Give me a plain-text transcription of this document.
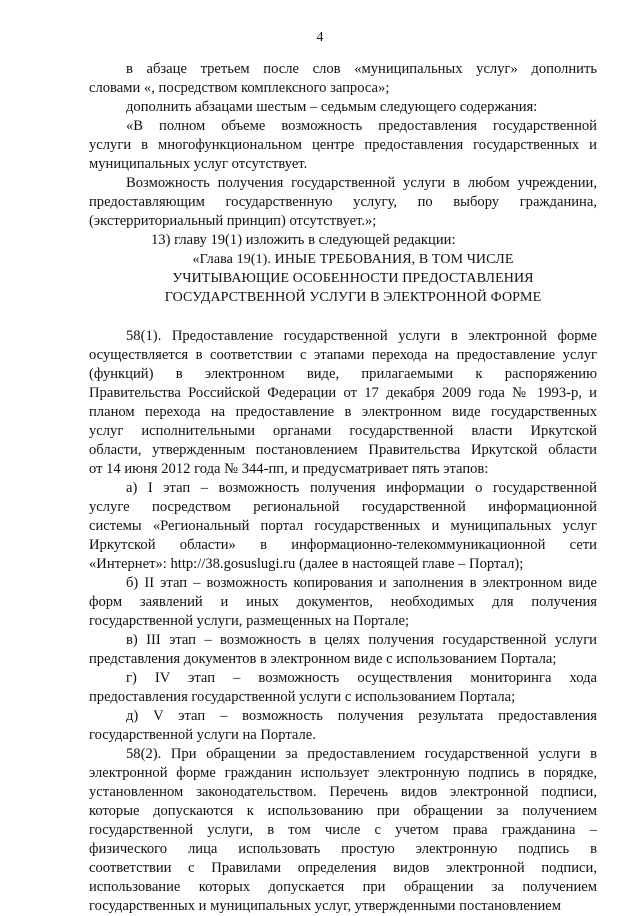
4
в абзаце третьем после слов «муниципальных услуг» дополнить
словами «, посредством комплексного запроса»;
дополнить абзацами шестым – седьмым следующего содержания:
«В полном объеме возможность предоставления государственной
услуги в многофункциональном центре предоставления государственных и
муниципальных услуг отсутствует.
Возможность получения государственной услуги в любом учреждении,
предоставляющим государственную услугу, по выбору гражданина,
(экстерриториальный принцип) отсутствует.»;
13) главу 19(1) изложить в следующей редакции:
«Глава 19(1). ИНЫЕ ТРЕБОВАНИЯ, В ТОМ ЧИСЛЕ
УЧИТЫВАЮЩИЕ ОСОБЕННОСТИ ПРЕДОСТАВЛЕНИЯ
ГОСУДАРСТВЕННОЙ УСЛУГИ В ЭЛЕКТРОННОЙ ФОРМЕ
58(1). Предоставление государственной услуги в электронной форме
осуществляется в соответствии с этапами перехода на предоставление услуг
(функций) в электронном виде, прилагаемыми к распоряжению
Правительства Российской Федерации от 17 декабря 2009 года № 1993-р, и
планом перехода на предоставление в электронном виде государственных
услуг исполнительными органами государственной власти Иркутской
области, утвержденным постановлением Правительства Иркутской области
от 14 июня 2012 года № 344-пп, и предусматривает пять этапов:
а) I этап – возможность получения информации о государственной
услуге посредством региональной государственной информационной
системы «Региональный портал государственных и муниципальных услуг
Иркутской области» в информационно-телекоммуникационной сети
«Интернет»: http://38.gosuslugi.ru (далее в настоящей главе – Портал);
б) II этап – возможность копирования и заполнения в электронном виде
форм заявлений и иных документов, необходимых для получения
государственной услуги, размещенных на Портале;
в) III этап – возможность в целях получения государственной услуги
представления документов в электронном виде с использованием Портала;
г) IV этап – возможность осуществления мониторинга хода
предоставления государственной услуги с использованием Портала;
д) V этап – возможность получения результата предоставления
государственной услуги на Портале.
58(2). При обращении за предоставлением государственной услуги в
электронной форме гражданин использует электронную подпись в порядке,
установленном законодательством. Перечень видов электронной подписи,
которые допускаются к использованию при обращении за получением
государственной услуги, в том числе с учетом права гражданина –
физического лица использовать простую электронную подпись в
соответствии с Правилами определения видов электронной подписи,
использование которых допускается при обращении за получением
государственных и муниципальных услуг, утвержденными постановлением
